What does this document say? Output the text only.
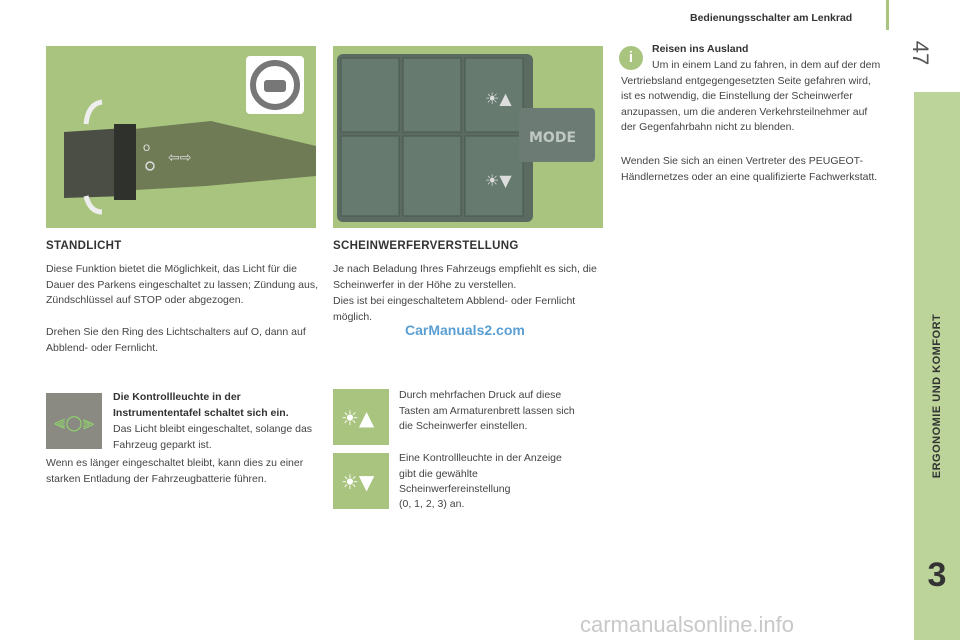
Bedienungsschalter am Lenkrad
47
ERGONOMIE UND KOMFORT
3
⇦⇨
O
☀▲
☀▼
MODE
STANDLICHT

Diese Funktion bietet die Möglichkeit, das Licht für die Dauer des Parkens eingeschaltet zu lassen; Zündung aus, Zündschlüssel auf STOP oder abgezogen.

Drehen Sie den Ring des Lichtschalters auf O, dann auf Abblend- oder Fernlicht.

⫷○⫸

Die Kontrollleuchte in der Instrumententafel schaltet sich ein.

Das Licht bleibt eingeschaltet, solange das Fahrzeug geparkt ist.

Wenn es länger eingeschaltet bleibt, kann dies zu einer starken Entladung der Fahrzeugbatterie führen.

SCHEINWERFERVERSTELLUNG

Je nach Beladung Ihres Fahrzeugs empfiehlt es sich, die Scheinwerfer in der Höhe zu verstellen.

Dies ist bei eingeschaltetem Abblend- oder Fernlicht möglich.

☀▲
☀▼

Durch mehrfachen Druck auf diese Tasten am Armaturenbrett lassen sich die Scheinwerfer einstellen.

Eine Kontrollleuchte in der Anzeige gibt die gewählte Scheinwerfereinstellung

(0, 1, 2, 3) an.

i	Reisen ins Ausland

Um in einem Land zu fahren, in dem auf der dem Vertriebsland entgegengesetzten Seite gefahren wird, ist es notwendig, die Einstellung der Scheinwerfer anzupassen, um die anderen Verkehrsteilnehmer auf der Gegenfahrbahn nicht zu blenden.

Wenden Sie sich an einen Vertreter des PEUGEOT-Händlernetzes oder an eine qualifizierte Fachwerkstatt.

CarManuals2.com
carmanualsonline.info
